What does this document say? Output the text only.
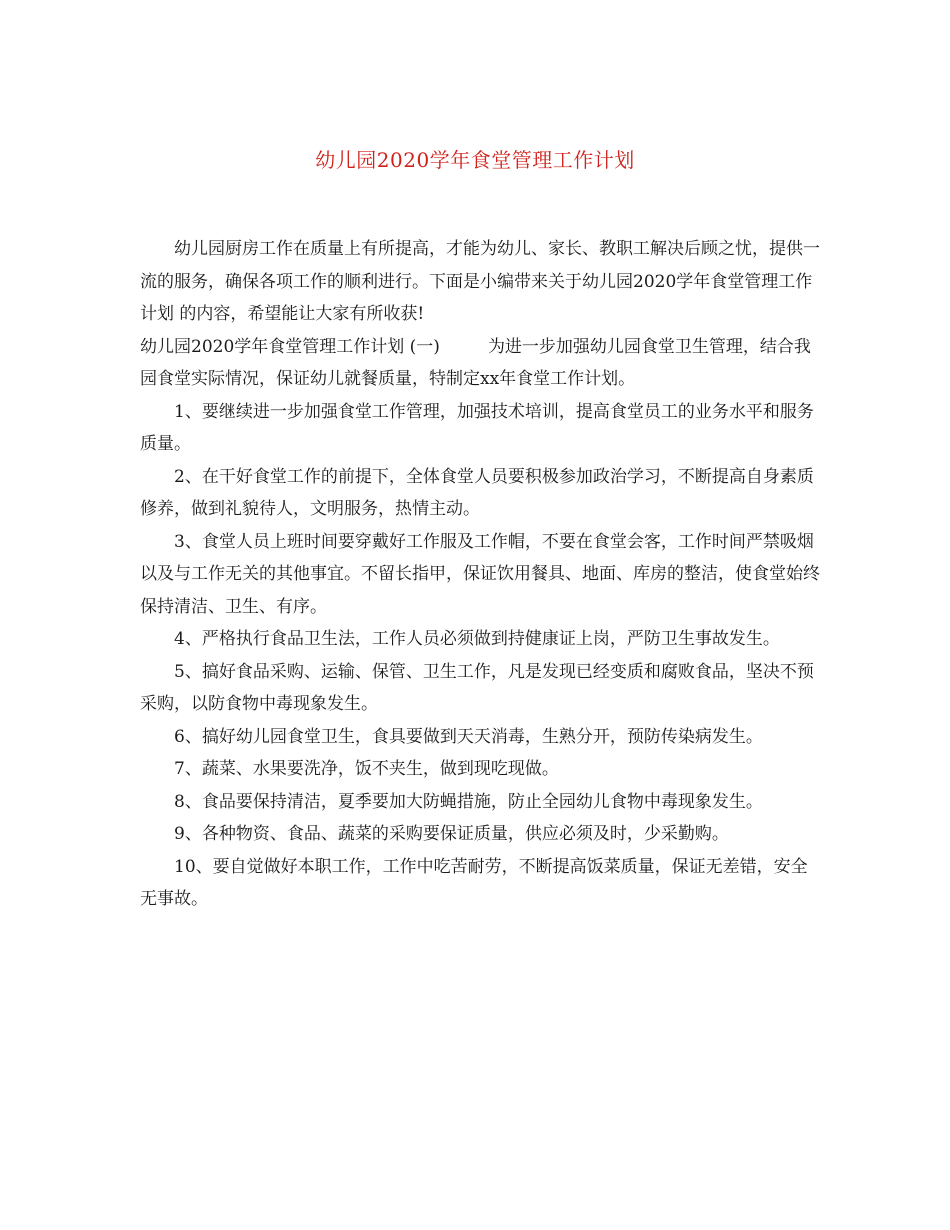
幼儿园2020学年食堂管理工作计划

幼儿园厨房工作在质量上有所提高，才能为幼儿、家长、教职工解决后顾之忧，提供一流的服务，确保各项工作的顺利进行。下面是小编带来关于幼儿园2020学年食堂管理工作计划 的内容，希望能让大家有所收获!

幼儿园2020学年食堂管理工作计划 (一)	为进一步加强幼儿园食堂卫生管理，结合我园食堂实际情况，保证幼儿就餐质量，特制定xx年食堂工作计划。

1、要继续进一步加强食堂工作管理，加强技术培训，提高食堂员工的业务水平和服务质量。

2、在干好食堂工作的前提下，全体食堂人员要积极参加政治学习，不断提高自身素质修养，做到礼貌待人，文明服务，热情主动。

3、食堂人员上班时间要穿戴好工作服及工作帽，不要在食堂会客，工作时间严禁吸烟以及与工作无关的其他事宜。不留长指甲，保证饮用餐具、地面、库房的整洁，使食堂始终保持清洁、卫生、有序。

4、严格执行食品卫生法，工作人员必须做到持健康证上岗，严防卫生事故发生。

5、搞好食品采购、运输、保管、卫生工作，凡是发现已经变质和腐败食品，坚决不预采购，以防食物中毒现象发生。

6、搞好幼儿园食堂卫生，食具要做到天天消毒，生熟分开，预防传染病发生。

7、蔬菜、水果要洗净，饭不夹生，做到现吃现做。

8、食品要保持清洁，夏季要加大防蝇措施，防止全园幼儿食物中毒现象发生。

9、各种物资、食品、蔬菜的采购要保证质量，供应必须及时，少采勤购。

10、要自觉做好本职工作，工作中吃苦耐劳，不断提高饭菜质量，保证无差错，安全无事故。
